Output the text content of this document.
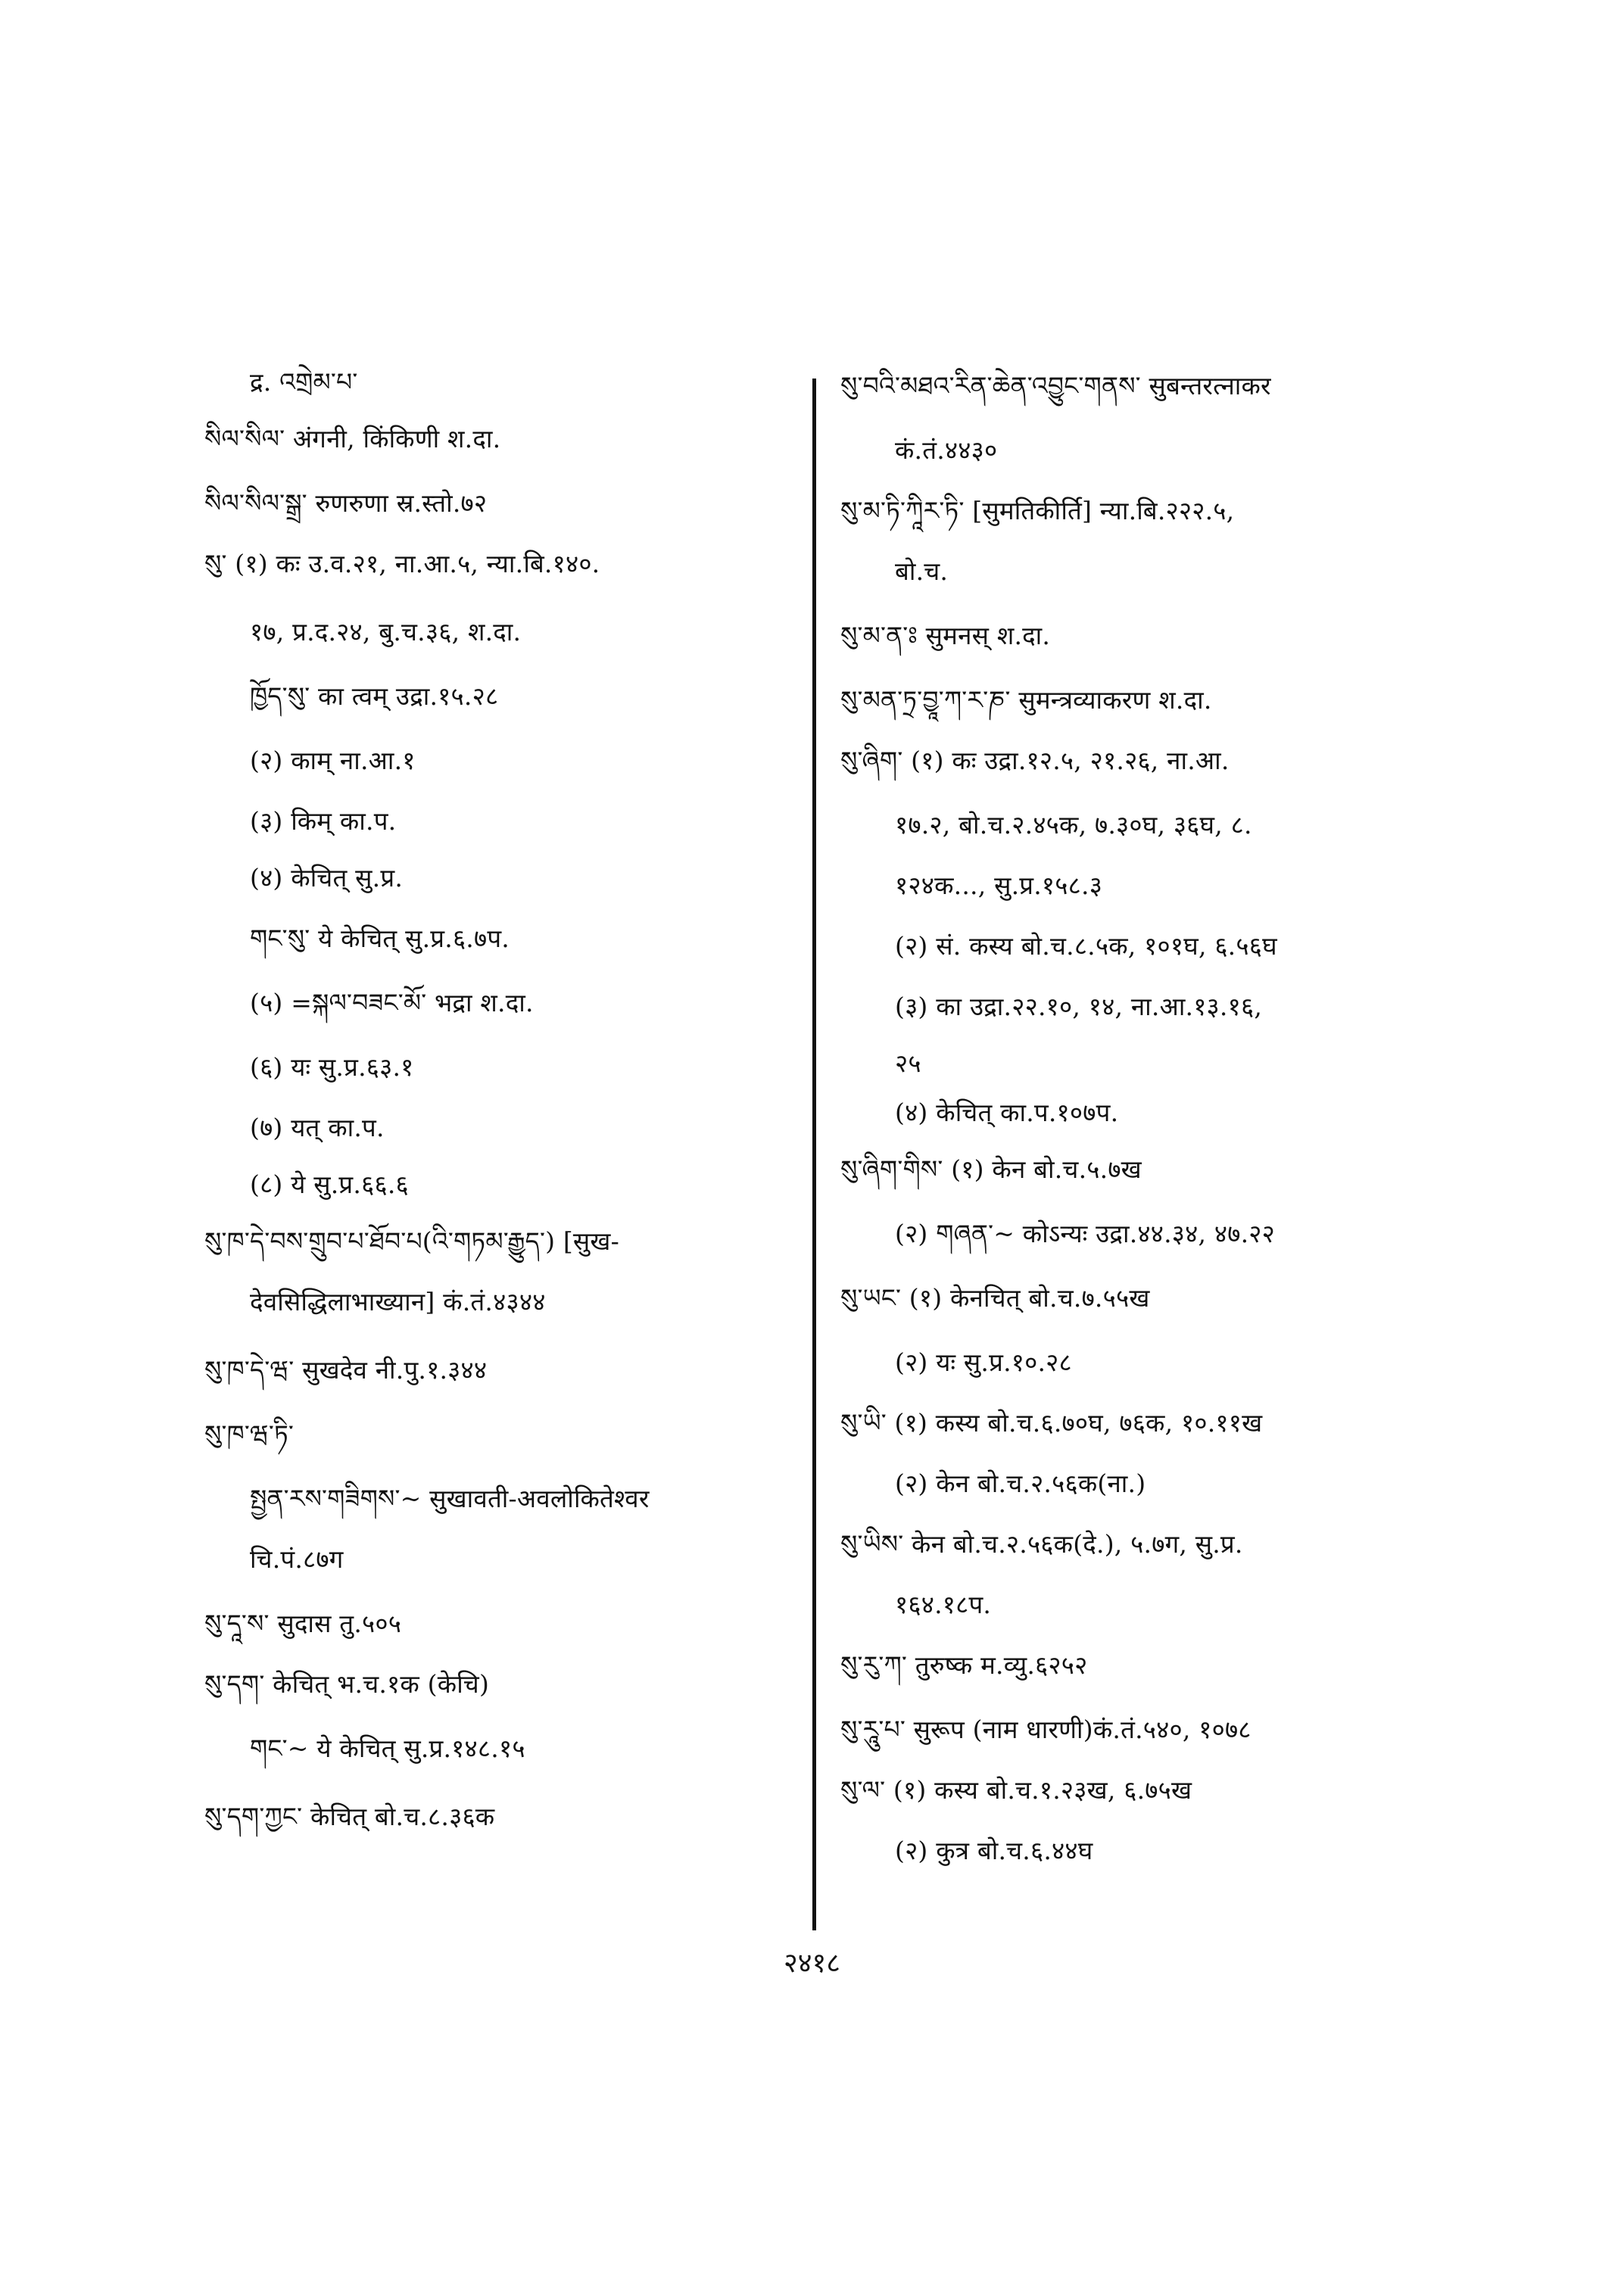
द्र. འགྲེམ་པ་
སིལ་སིལ་ अंगनी, किंकिणी श.दा.
སིལ་སིལ་སྒྲ་ रुणरुणा स्र.स्तो.७२
སུ་ (१) कः उ.व.२१, ना.आ.५, न्या.बि.१४०.
१७, प्र.द.२४, बु.च.३६, श.दा.
ཁྱོད་སུ་ का त्वम् उद्रा.१५.२८
(२) काम् ना.आ.१
(३) किम् का.प.
(४) केचित् सु.प्र.
གང་སུ་ ये केचित् सु.प्र.६.७प.
(५) =སྐལ་བཟང་མོ་ भद्रा श.दा.
(६) यः सु.प्र.६३.१
(७) यत् का.प.
(८) ये सु.प्र.६६.६
སུ་ཁ་དེ་བས་གྲུབ་པ་ཐོབ་པ(འི་གཏམ་རྒྱུད་) [सुख-
देवसिद्धिलाभाख्यान] कं.तं.४३४४
སུ་ཁ་དེ་ཝ་ सुखदेव नी.पु.१.३४४
སུ་ཁ་ཝ་ཏི་
སྤྱན་རས་གཟིགས་~ सुखावती-अवलोकितेश्वर
चि.पं.८७ग
སུ་དཱ་ས་ सुदास तु.५०५
སུ་དག་ केचित् भ.च.१क (केचि)
གང་~ ये केचित् सु.प्र.१४८.१५
སུ་དག་ཀྱང་ केचित् बो.च.८.३६क
སུ་བའི་མཐའ་རིན་ཆེན་འབྱུང་གནས་ सुबन्तरत्नाकर
कं.तं.४४३०
སུ་མ་ཏི་ཀཱིར་ཏི་ [सुमतिकीर्ति] न्या.बि.२२२.५,
बो.च.
སུ་མ་ན་ཿ सुमनस् श.दा.
སུ་མན་ཏྲ་བྱཱ་ཀ་ར་ཎ་ सुमन्त्रव्याकरण श.दा.
སུ་ཞིག་ (१) कः उद्रा.१२.५, २१.२६, ना.आ.
१७.२, बो.च.२.४५क, ७.३०घ, ३६घ, ८.
१२४क..., सु.प्र.१५८.३
(२) सं. कस्य बो.च.८.५क, १०१घ, ६.५६घ
(३) का उद्रा.२२.१०, १४, ना.आ.१३.१६,
२५
(४) केचित् का.प.१०७प.
སུ་ཞིག་གིས་ (१) केन बो.च.५.७ख
(२) གཞན་~ कोऽन्यः उद्रा.४४.३४, ४७.२२
སུ་ཡང་ (१) केनचित् बो.च.७.५५ख
(२) यः सु.प्र.१०.२८
སུ་ཡི་ (१) कस्य बो.च.६.७०घ, ७६क, १०.११ख
(२) केन बो.च.२.५६क(ना.)
སུ་ཡིས་ केन बो.च.२.५६क(दे.), ५.७ग, सु.प्र.
१६४.१८प.
སུ་རུ་ཀ་ तुरुष्क म.व्यु.६२५२
སུ་རཱུ་པ་ सुरूप (नाम धारणी)कं.तं.५४०, १०७८
སུ་ལ་ (१) कस्य बो.च.१.२३ख, ६.७५ख
(२) कुत्र बो.च.६.४४घ
२४१८
